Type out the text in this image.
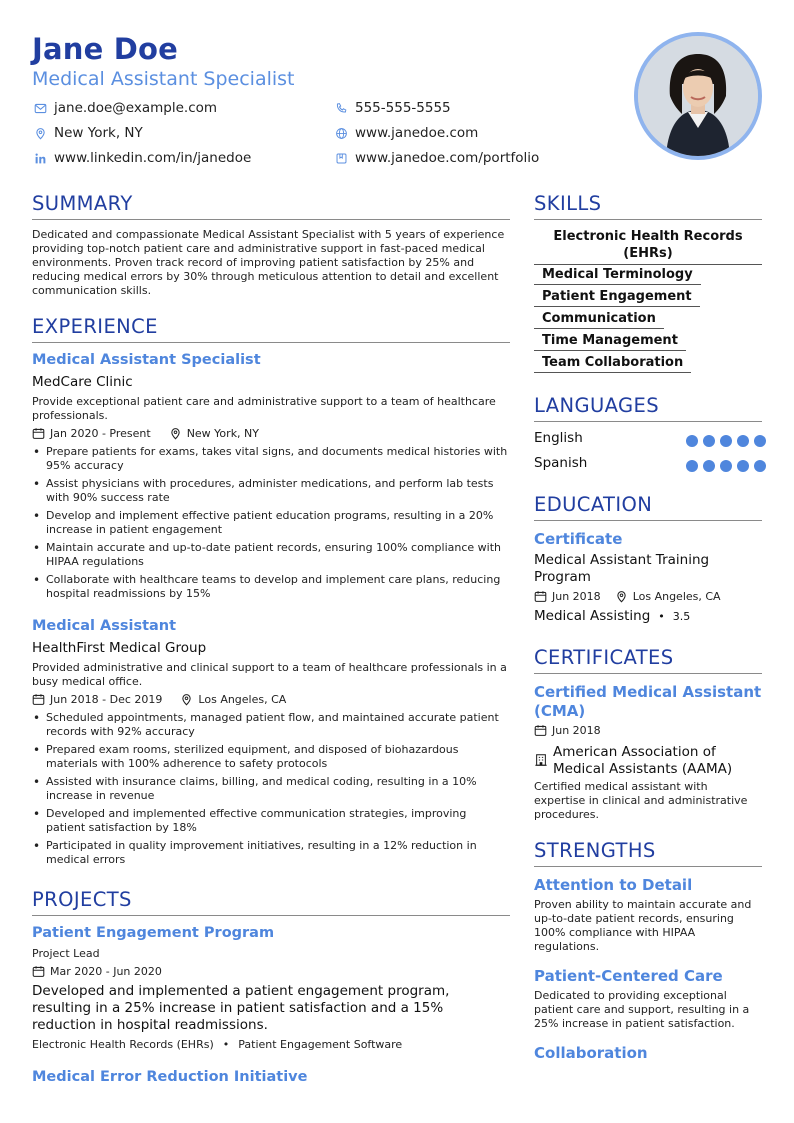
Jane Doe
Medical Assistant Specialist
jane.doe@example.com	555-555-5555
New York, NY	www.janedoe.com
www.linkedin.com/in/janedoe	www.janedoe.com/portfolio
SUMMARY
Dedicated and compassionate Medical Assistant Specialist with 5 years of experience providing top-notch patient care and administrative support in fast-paced medical environments. Proven track record of improving patient satisfaction by 25% and reducing medical errors by 30% through meticulous attention to detail and excellent communication skills.
EXPERIENCE
Medical Assistant Specialist
MedCare Clinic
Provide exceptional patient care and administrative support to a team of healthcare professionals.
Jan 2020 - Present	New York, NY
• Prepare patients for exams, takes vital signs, and documents medical histories with 95% accuracy
• Assist physicians with procedures, administer medications, and perform lab tests with 90% success rate
• Develop and implement effective patient education programs, resulting in a 20% increase in patient engagement
• Maintain accurate and up-to-date patient records, ensuring 100% compliance with HIPAA regulations
• Collaborate with healthcare teams to develop and implement care plans, reducing hospital readmissions by 15%
Medical Assistant
HealthFirst Medical Group
Provided administrative and clinical support to a team of healthcare professionals in a busy medical office.
Jun 2018 - Dec 2019	Los Angeles, CA
• Scheduled appointments, managed patient flow, and maintained accurate patient records with 92% accuracy
• Prepared exam rooms, sterilized equipment, and disposed of biohazardous materials with 100% adherence to safety protocols
• Assisted with insurance claims, billing, and medical coding, resulting in a 10% increase in revenue
• Developed and implemented effective communication strategies, improving patient satisfaction by 18%
• Participated in quality improvement initiatives, resulting in a 12% reduction in medical errors
PROJECTS
Patient Engagement Program
Project Lead
Mar 2020 - Jun 2020
Developed and implemented a patient engagement program, resulting in a 25% increase in patient satisfaction and a 15% reduction in hospital readmissions.
Electronic Health Records (EHRs) • Patient Engagement Software
Medical Error Reduction Initiative
SKILLS
Electronic Health Records (EHRs)
Medical Terminology
Patient Engagement
Communication
Time Management
Team Collaboration
LANGUAGES
English
Spanish
EDUCATION
Certificate
Medical Assistant Training Program
Jun 2018	Los Angeles, CA
Medical Assisting • 3.5
CERTIFICATES
Certified Medical Assistant (CMA)
Jun 2018
American Association of Medical Assistants (AAMA)
Certified medical assistant with expertise in clinical and administrative procedures.
STRENGTHS
Attention to Detail
Proven ability to maintain accurate and up-to-date patient records, ensuring 100% compliance with HIPAA regulations.
Patient-Centered Care
Dedicated to providing exceptional patient care and support, resulting in a 25% increase in patient satisfaction.
Collaboration
